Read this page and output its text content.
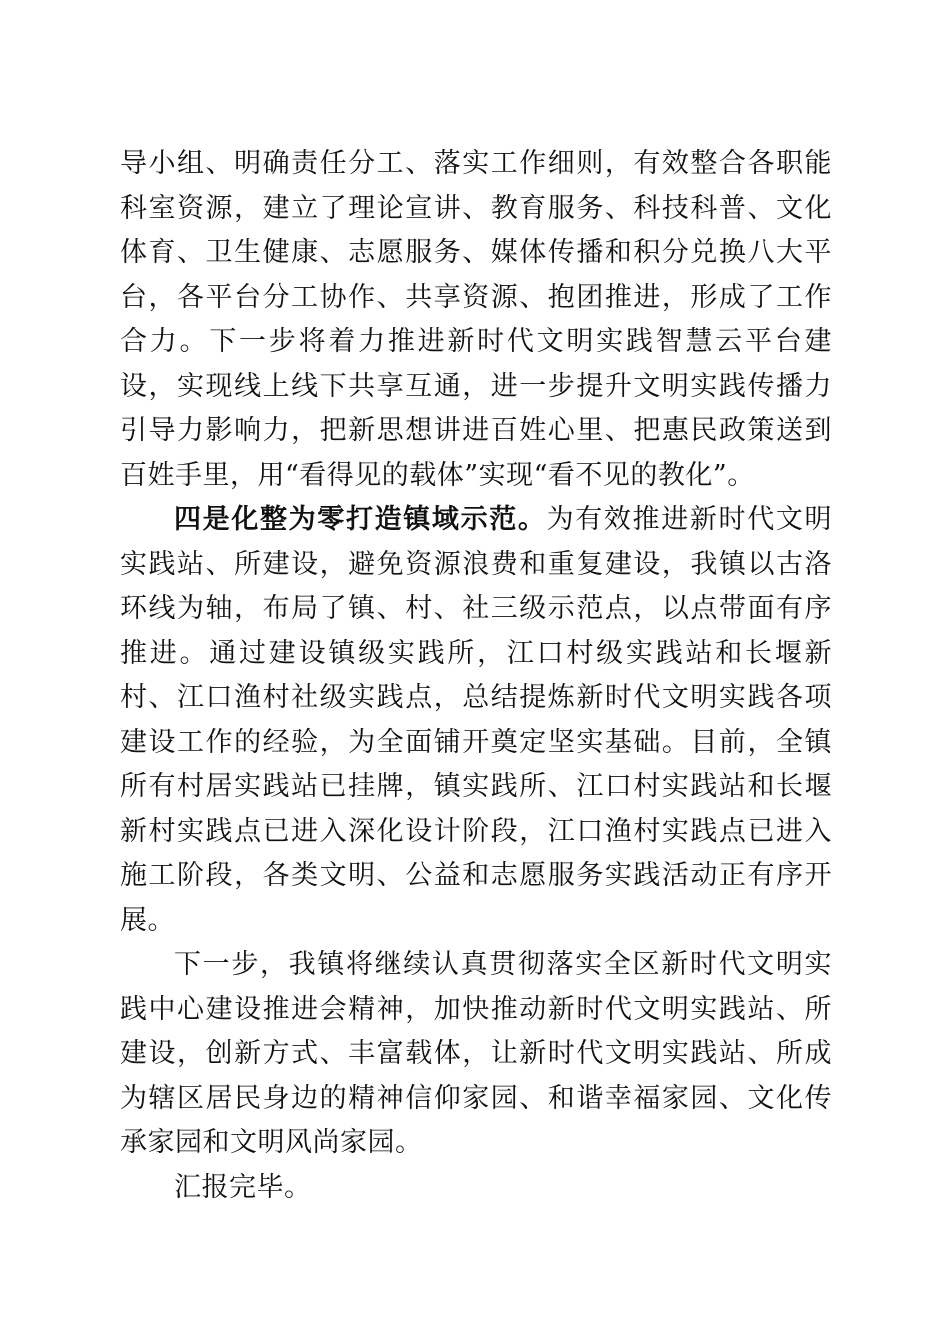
导小组、明确责任分工、落实工作细则，有效整合各职能科室资源，建立了理论宣讲、教育服务、科技科普、文化体育、卫生健康、志愿服务、媒体传播和积分兑换八大平台，各平台分工协作、共享资源、抱团推进，形成了工作合力。下一步将着力推进新时代文明实践智慧云平台建设，实现线上线下共享互通，进一步提升文明实践传播力引导力影响力，把新思想讲进百姓心里、把惠民政策送到百姓手里，用“看得见的载体”实现“看不见的教化”。

四是化整为零打造镇域示范。为有效推进新时代文明实践站、所建设，避免资源浪费和重复建设，我镇以古洛环线为轴，布局了镇、村、社三级示范点，以点带面有序推进。通过建设镇级实践所，江口村级实践站和长堰新村、江口渔村社级实践点，总结提炼新时代文明实践各项建设工作的经验，为全面铺开奠定坚实基础。目前，全镇所有村居实践站已挂牌，镇实践所、江口村实践站和长堰新村实践点已进入深化设计阶段，江口渔村实践点已进入施工阶段，各类文明、公益和志愿服务实践活动正有序开展。

下一步，我镇将继续认真贯彻落实全区新时代文明实践中心建设推进会精神，加快推动新时代文明实践站、所建设，创新方式、丰富载体，让新时代文明实践站、所成为辖区居民身边的精神信仰家园、和谐幸福家园、文化传承家园和文明风尚家园。

汇报完毕。
